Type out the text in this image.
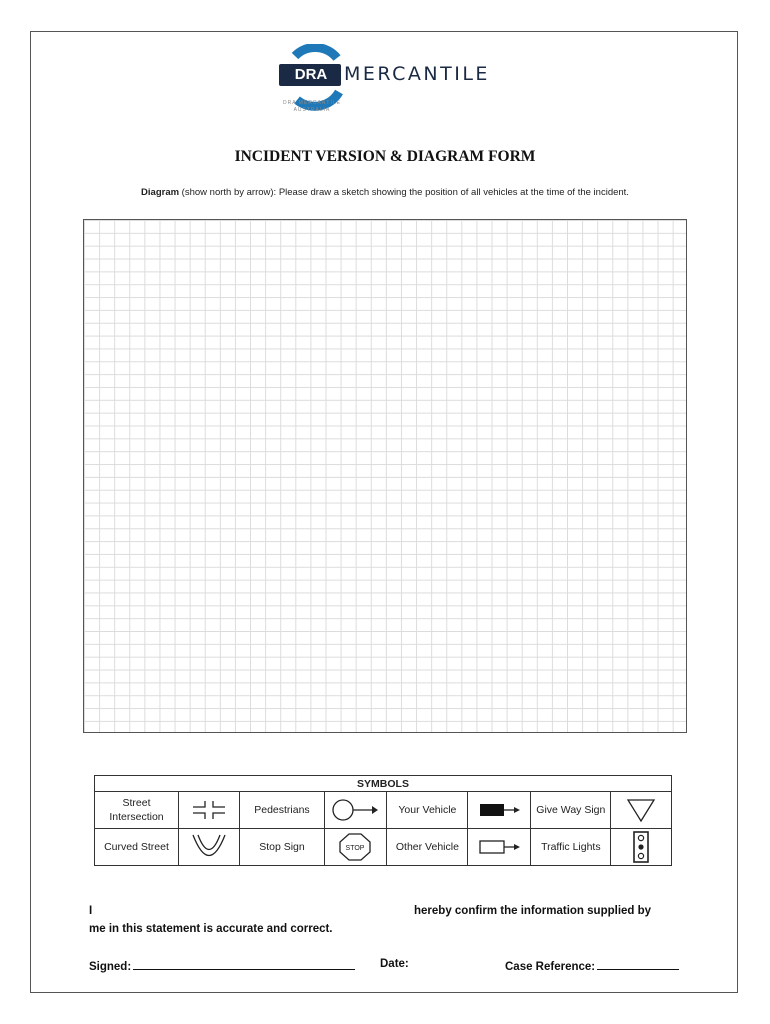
DRA MERCANTILE
DRA MERCANTILE AUSTRALIA
INCIDENT VERSION & DIAGRAM FORM
Diagram (show north by arrow): Please draw a sketch showing the position of all vehicles at the time of the incident.
SYMBOLS							
Street Intersection		Pedestrians		Your Vehicle		Give Way Sign	

Curved Street		Stop Sign	STOP	Other Vehicle		Traffic Lights	
I	hereby confirm the information supplied by
me in this statement is accurate and correct.
Signed:	Date:	Case Reference:
